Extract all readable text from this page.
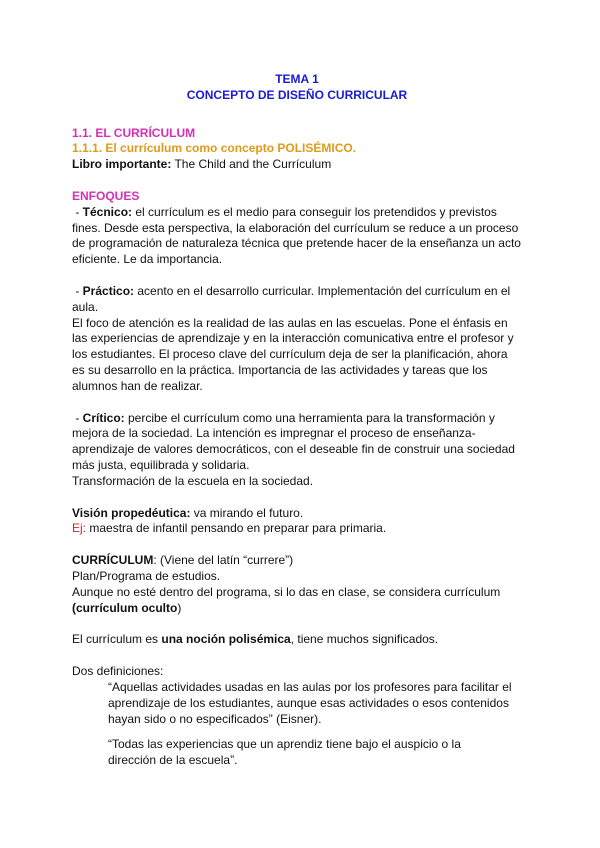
TEMA 1

CONCEPTO DE DISEÑO CURRICULAR

1.1. EL CURRÍCULUM

1.1.1. El currículum como concepto POLISÉMICO.

Libro importante: The Child and the Currículum

ENFOQUES

- Técnico: el currículum es el medio para conseguir los pretendidos y previstos fines. Desde esta perspectiva, la elaboración del currículum se reduce a un proceso de programación de naturaleza técnica que pretende hacer de la enseñanza un acto eficiente. Le da importancia.

- Práctico: acento en el desarrollo curricular. Implementación del currículum en el aula.

El foco de atención es la realidad de las aulas en las escuelas. Pone el énfasis en las experiencias de aprendizaje y en la interacción comunicativa entre el profesor y los estudiantes. El proceso clave del currículum deja de ser la planificación, ahora es su desarrollo en la práctica. Importancia de las actividades y tareas que los alumnos han de realizar.

- Crítico: percibe el currículum como una herramienta para la transformación y mejora de la sociedad. La intención es impregnar el proceso de enseñanza-aprendizaje de valores democráticos, con el deseable fin de construir una sociedad más justa, equilibrada y solidaria.

Transformación de la escuela en la sociedad.

Visión propedéutica: va mirando el futuro.

Ej: maestra de infantil pensando en preparar para primaria.

CURRÍCULUM: (Viene del latín “currere”)

Plan/Programa de estudios.

Aunque no esté dentro del programa, si lo das en clase, se considera currículum

(currículum oculto)

El currículum es una noción polisémica, tiene muchos significados.

Dos definiciones:

“Aquellas actividades usadas en las aulas por los profesores para facilitar el aprendizaje de los estudiantes, aunque esas actividades o esos contenidos hayan sido o no especificados” (Eisner).

“Todas las experiencias que un aprendiz tiene bajo el auspicio o la dirección de la escuela”.
